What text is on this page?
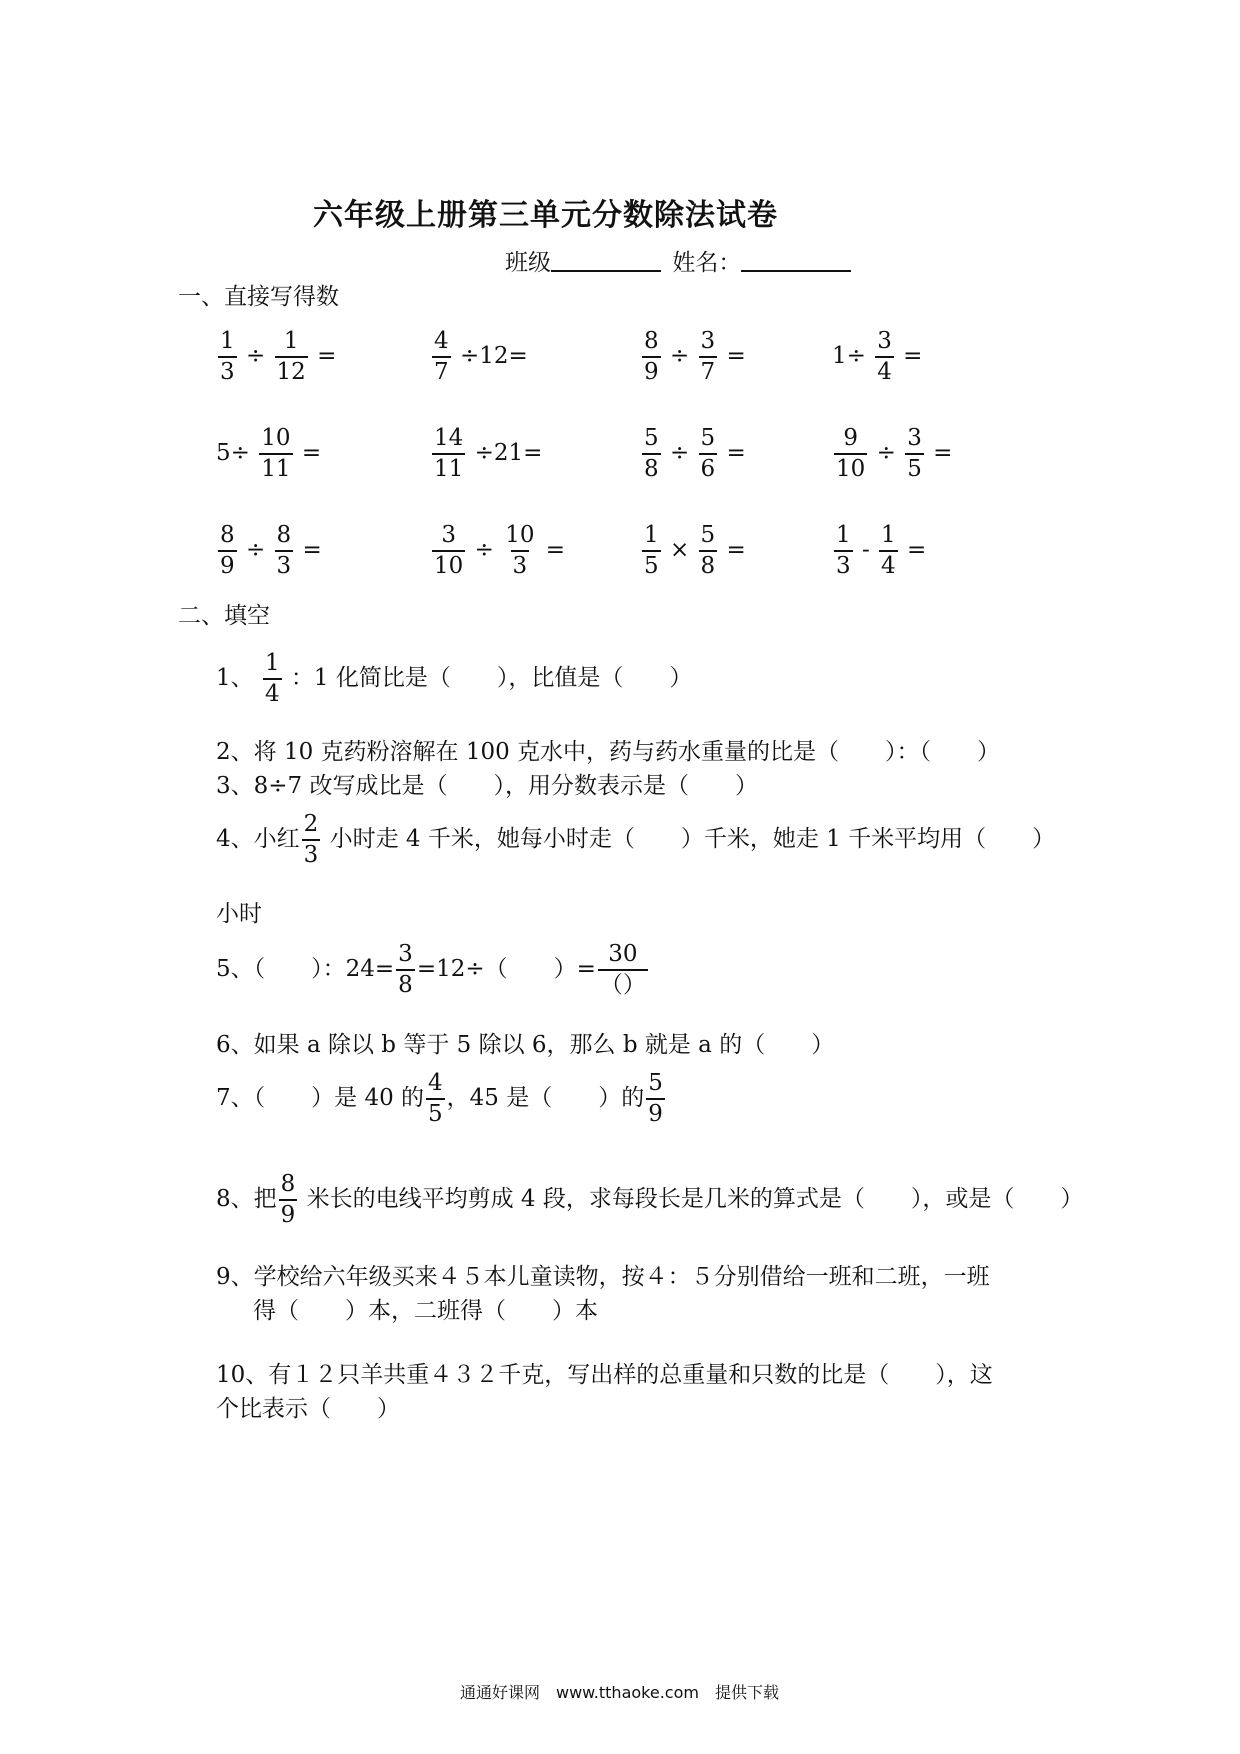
六年级上册第三单元分数除法试卷
班级	姓名：
一、直接写得数
$\frac{1}{3} \div \frac{1}{12}$ =	$\frac{4}{7} \div 12=$	$\frac{8}{9} \div \frac{3}{7}$ =	$1\div \frac{3}{4}$ =
$5\div \frac{10}{11}$ =	$\frac{14}{11} \div 21=$	$\frac{5}{8} \div \frac{5}{6}$ =	$\frac{9}{10} \div \frac{3}{5}$ =
$\frac{8}{9} \div \frac{8}{3}$ =	$\frac{3}{10} \div \frac{10}{3}$ =	$\frac{1}{5} \times \frac{5}{8}$ =	$\frac{1}{3} - \frac{1}{4}$ =
二、填空
1、 $\frac{1}{4}$ ：1 化简比是（　　），比值是（　　）
2、将 10 克药粉溶解在 100 克水中，药与药水重量的比是（　　）：（　　）
3、8÷7 改写成比是（　　），用分数表示是（　　）
4、小红 $\frac{2}{3}$ 小时走 4 千米，她每小时走（　　）千米，她走 1 千米平均用（　　）
小时
5、（　　）：$24= \frac{3}{8} =12\div$（　　）= $\frac{30}{()}$
6、如果 a 除以 b 等于 5 除以 6，那么 b 就是 a 的（　　）
7、（　　）是 40 的 $\frac{4}{5}$ ，45 是（　　）的 $\frac{5}{9}$
8、把 $\frac{8}{9}$ 米长的电线平均剪成 4 段，求每段长是几米的算式是（　　），或是（　　）
9、学校给六年级买来４５本儿童读物，按４：５分别借给一班和二班，一班
得（　　）本，二班得（　　）本
10、有１２只羊共重４３２千克，写出样的总重量和只数的比是（　　），这
个比表示（　　）
通通好课网　www.tthaoke.com　提供下载
